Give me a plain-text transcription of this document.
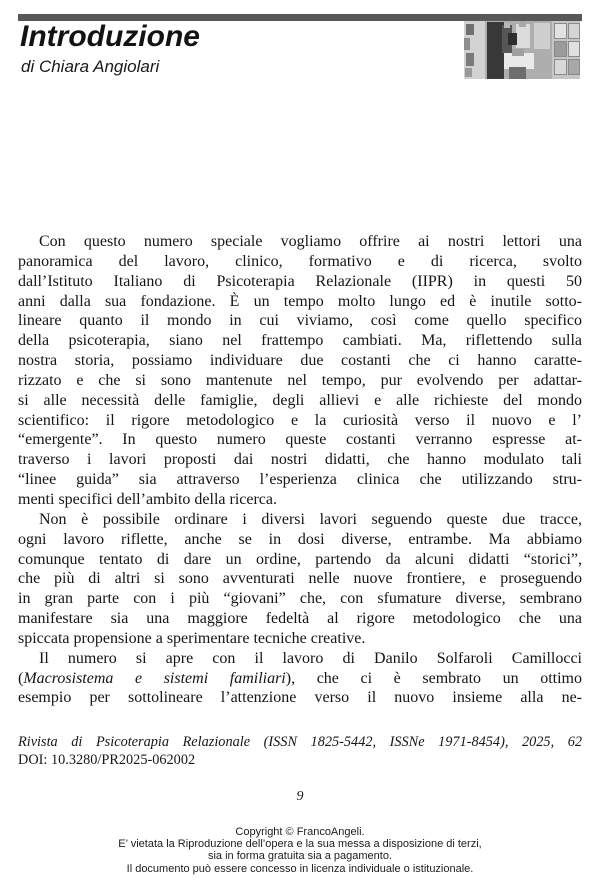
Introduzione
di Chiara Angiolari
Con questo numero speciale vogliamo offrire ai nostri lettori una
panoramica del lavoro, clinico, formativo e di ricerca, svolto
dall’Istituto Italiano di Psicoterapia Relazionale (IIPR) in questi 50
anni dalla sua fondazione. È un tempo molto lungo ed è inutile sotto-
lineare quanto il mondo in cui viviamo, così come quello specifico
della psicoterapia, siano nel frattempo cambiati. Ma, riflettendo sulla
nostra storia, possiamo individuare due costanti che ci hanno caratte-
rizzato e che si sono mantenute nel tempo, pur evolvendo per adattar-
si alle necessità delle famiglie, degli allievi e alle richieste del mondo
scientifico: il rigore metodologico e la curiosità verso il nuovo e l’
“emergente”. In questo numero queste costanti verranno espresse at-
traverso i lavori proposti dai nostri didatti, che hanno modulato tali
“linee guida” sia attraverso l’esperienza clinica che utilizzando stru-
menti specifici dell’ambito della ricerca.
Non è possibile ordinare i diversi lavori seguendo queste due tracce,
ogni lavoro riflette, anche se in dosi diverse, entrambe. Ma abbiamo
comunque tentato di dare un ordine, partendo da alcuni didatti “storici”,
che più di altri si sono avventurati nelle nuove frontiere, e proseguendo
in gran parte con i più “giovani” che, con sfumature diverse, sembrano
manifestare sia una maggiore fedeltà al rigore metodologico che una
spiccata propensione a sperimentare tecniche creative.
Il numero si apre con il lavoro di Danilo Solfaroli Camillocci
(Macrosistema e sistemi familiari), che ci è sembrato un ottimo
esempio per sottolineare l’attenzione verso il nuovo insieme alla ne-
Rivista di Psicoterapia Relazionale (ISSN 1825-5442, ISSNe 1971-8454), 2025, 62
DOI: 10.3280/PR2025-062002
9
Copyright © FrancoAngeli.
E’ vietata la Riproduzione dell’opera e la sua messa a disposizione di terzi,
sia in forma gratuita sia a pagamento.
Il documento può essere concesso in licenza individuale o istituzionale.
